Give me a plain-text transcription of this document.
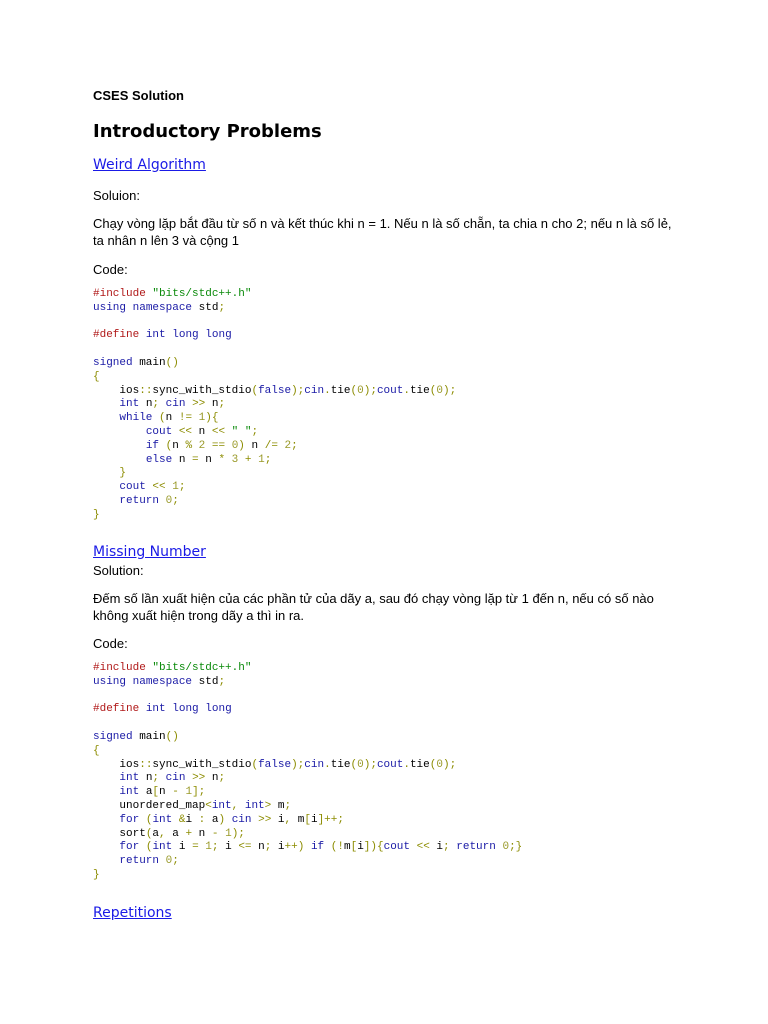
CSES Solution
Introductory Problems
Weird Algorithm
Soluion:
Chạy vòng lặp bắt đầu từ số n và kết thúc khi n = 1. Nếu n là số chẵn, ta chia n cho 2; nếu n là số lẻ, ta nhân n lên 3 và cộng 1
Code:
#include "bits/stdc++.h"
using namespace std;

#define int long long

signed main()
{
ios::sync_with_stdio(false);cin.tie(0);cout.tie(0);
int n; cin >> n;
while (n != 1){
cout << n << " ";
if (n % 2 == 0) n /= 2;
else n = n * 3 + 1;
}
cout << 1;
return 0;
}
Missing Number
Solution:
Đếm số lần xuất hiện của các phần tử của dãy a, sau đó chạy vòng lặp từ 1 đến n, nếu có số nào không xuất hiện trong dãy a thì in ra.
Code:
#include "bits/stdc++.h"
using namespace std;

#define int long long

signed main()
{
ios::sync_with_stdio(false);cin.tie(0);cout.tie(0);
int n; cin >> n;
int a[n - 1];
unordered_map<int, int> m;
for (int &i : a) cin >> i, m[i]++;
sort(a, a + n - 1);
for (int i = 1; i <= n; i++) if (!m[i]){cout << i; return 0;}
return 0;
}
Repetitions
